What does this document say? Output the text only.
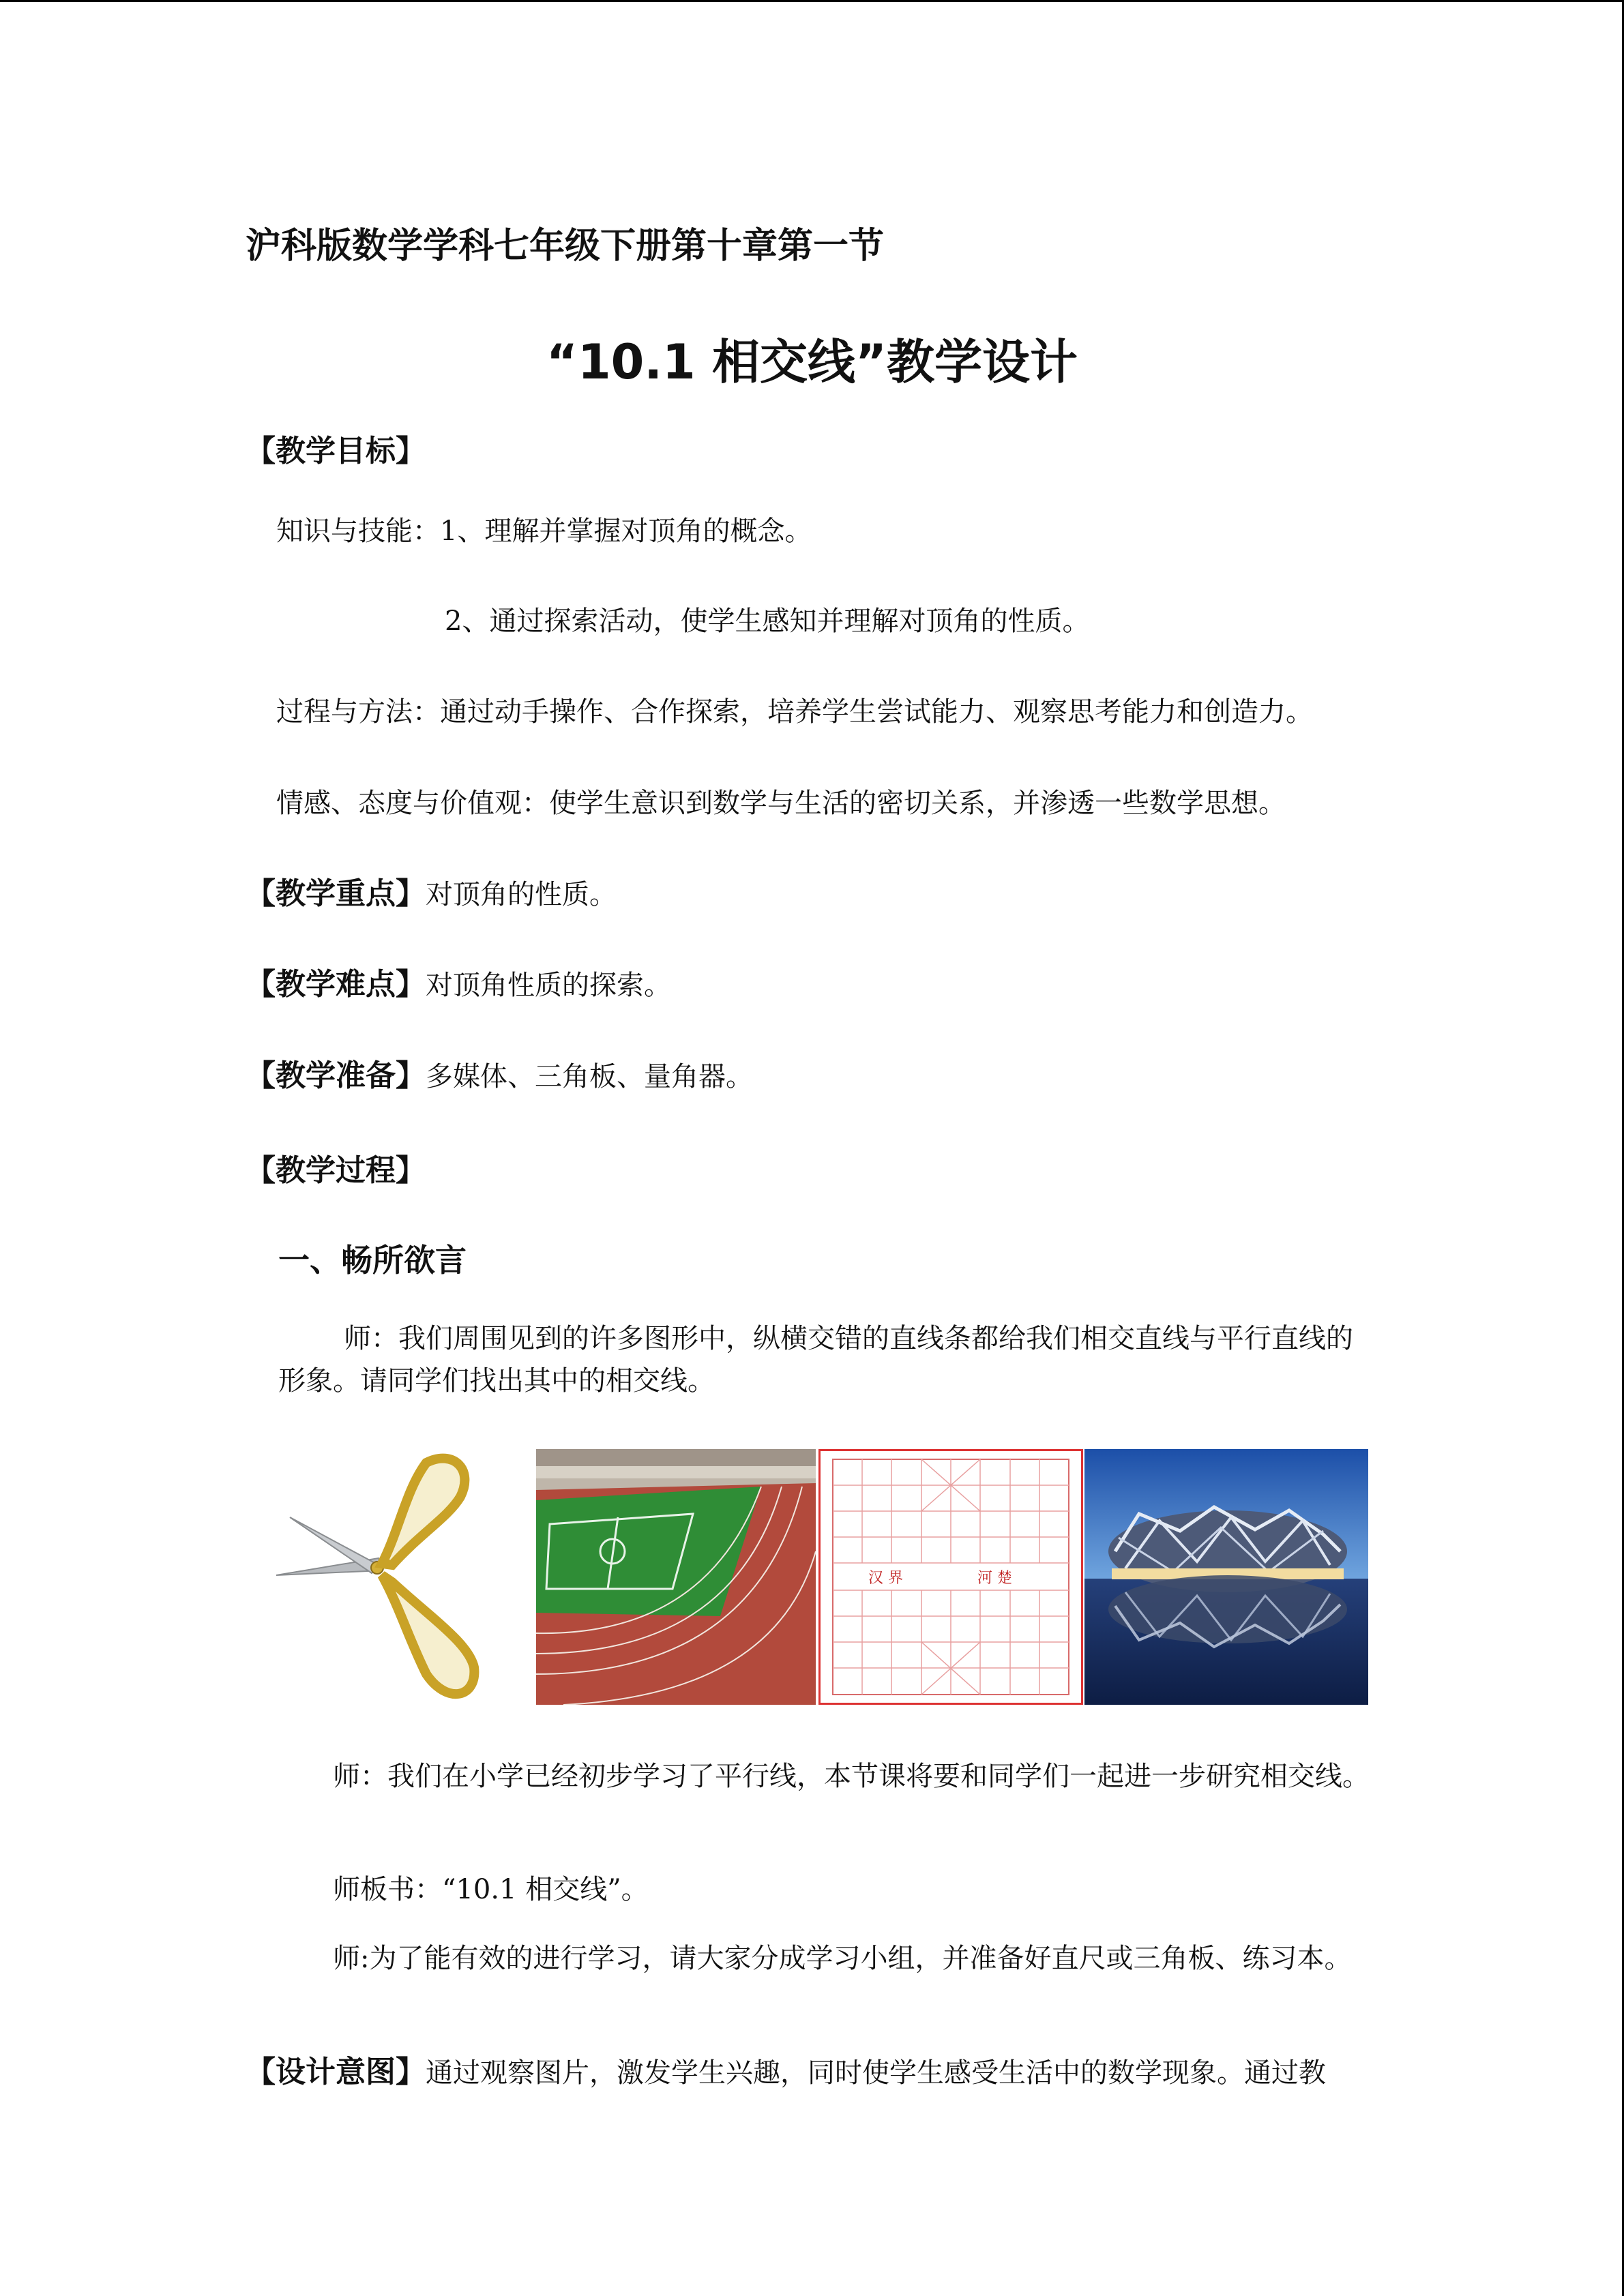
沪科版数学学科七年级下册第十章第一节
“10.1 相交线”教学设计
【教学目标】
知识与技能：1、理解并掌握对顶角的概念。
2、通过探索活动，使学生感知并理解对顶角的性质。
过程与方法：通过动手操作、合作探索，培养学生尝试能力、观察思考能力和创造力。
情感、态度与价值观：使学生意识到数学与生活的密切关系，并渗透一些数学思想。
【教学重点】对顶角的性质。
【教学难点】对顶角性质的探索。
【教学准备】多媒体、三角板、量角器。
【教学过程】
一、畅所欲言
师：我们周围见到的许多图形中，纵横交错的直线条都给我们相交直线与平行直线的形象。请同学们找出其中的相交线。
汉 界	河 楚
师：我们在小学已经初步学习了平行线，本节课将要和同学们一起进一步研究相交线。
师板书：“10.1 相交线”。
师:为了能有效的进行学习，请大家分成学习小组，并准备好直尺或三角板、练习本。
【设计意图】通过观察图片，激发学生兴趣，同时使学生感受生活中的数学现象。通过教
